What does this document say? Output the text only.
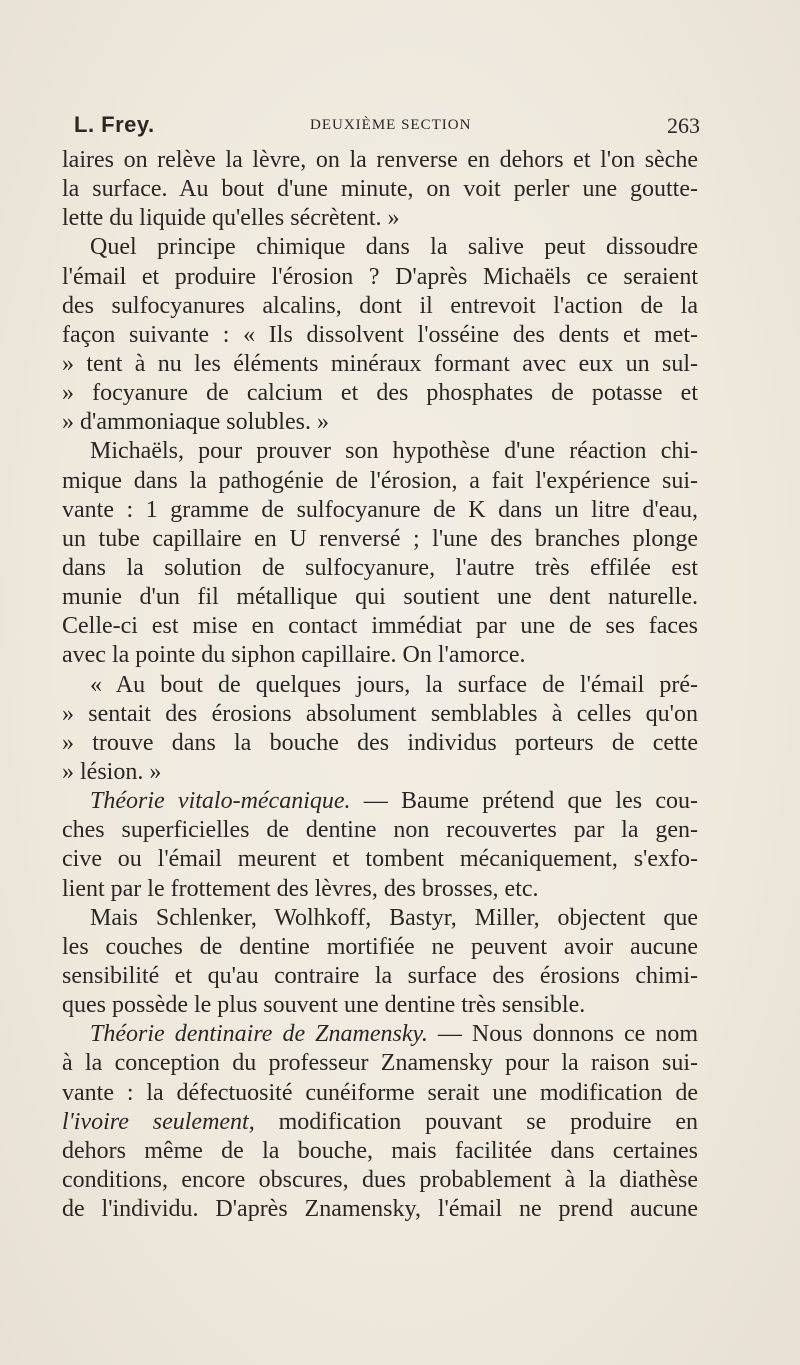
L. Frey.	DEUXIÈME SECTION	263
laires on relève la lèvre, on la renverse en dehors et l'on sèche
la surface. Au bout d'une minute, on voit perler une goutte-
lette du liquide qu'elles sécrètent. »
Quel principe chimique dans la salive peut dissoudre
l'émail et produire l'érosion ? D'après Michaëls ce seraient
des sulfocyanures alcalins, dont il entrevoit l'action de la
façon suivante : « Ils dissolvent l'osséine des dents et met-
» tent à nu les éléments minéraux formant avec eux un sul-
» focyanure de calcium et des phosphates de potasse et
» d'ammoniaque solubles. »
Michaëls, pour prouver son hypothèse d'une réaction chi-
mique dans la pathogénie de l'érosion, a fait l'expérience sui-
vante : 1 gramme de sulfocyanure de K dans un litre d'eau,
un tube capillaire en U renversé ; l'une des branches plonge
dans la solution de sulfocyanure, l'autre très effilée est
munie d'un fil métallique qui soutient une dent naturelle.
Celle-ci est mise en contact immédiat par une de ses faces
avec la pointe du siphon capillaire. On l'amorce.
« Au bout de quelques jours, la surface de l'émail pré-
» sentait des érosions absolument semblables à celles qu'on
» trouve dans la bouche des individus porteurs de cette
» lésion. »
Théorie vitalo-mécanique. — Baume prétend que les cou-
ches superficielles de dentine non recouvertes par la gen-
cive ou l'émail meurent et tombent mécaniquement, s'exfo-
lient par le frottement des lèvres, des brosses, etc.
Mais Schlenker, Wolhkoff, Bastyr, Miller, objectent que
les couches de dentine mortifiée ne peuvent avoir aucune
sensibilité et qu'au contraire la surface des érosions chimi-
ques possède le plus souvent une dentine très sensible.
Théorie dentinaire de Znamensky. — Nous donnons ce nom
à la conception du professeur Znamensky pour la raison sui-
vante : la défectuosité cunéiforme serait une modification de
l'ivoire seulement, modification pouvant se produire en
dehors même de la bouche, mais facilitée dans certaines
conditions, encore obscures, dues probablement à la diathèse
de l'individu. D'après Znamensky, l'émail ne prend aucune
